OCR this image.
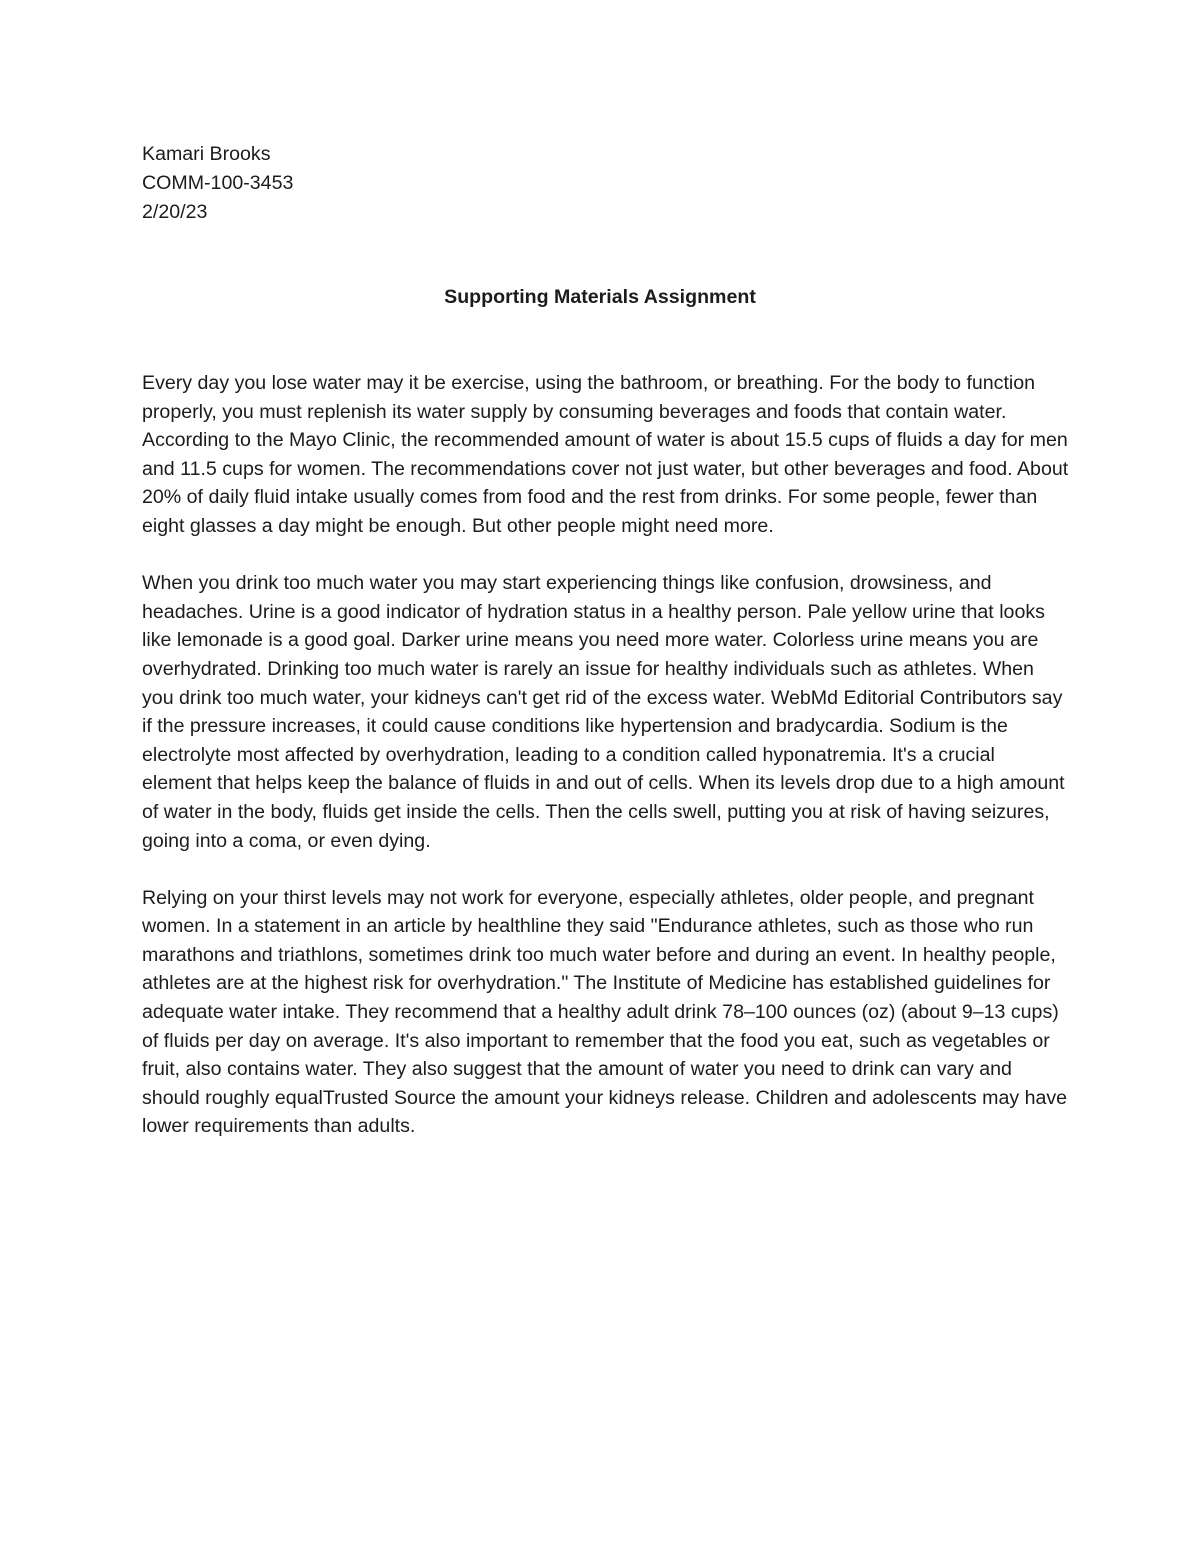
Kamari Brooks
COMM-100-3453
2/20/23
Supporting Materials Assignment

Every day you lose water may it be exercise, using the bathroom, or breathing. For the body to function properly, you must replenish its water supply by consuming beverages and foods that contain water. According to the Mayo Clinic, the recommended amount of water is about 15.5 cups of fluids a day for men and 11.5 cups for women. The recommendations cover not just water, but other beverages and food. About 20% of daily fluid intake usually comes from food and the rest from drinks. For some people, fewer than eight glasses a day might be enough. But other people might need more.

When you drink too much water you may start experiencing things like confusion, drowsiness, and headaches. Urine is a good indicator of hydration status in a healthy person. Pale yellow urine that looks like lemonade is a good goal. Darker urine means you need more water. Colorless urine means you are overhydrated. Drinking too much water is rarely an issue for healthy individuals such as athletes. When you drink too much water, your kidneys can't get rid of the excess water. WebMd Editorial Contributors say if the pressure increases, it could cause conditions like hypertension and bradycardia. Sodium is the electrolyte most affected by overhydration, leading to a condition called hyponatremia. It's a crucial element that helps keep the balance of fluids in and out of cells. When its levels drop due to a high amount of water in the body, fluids get inside the cells. Then the cells swell, putting you at risk of having seizures, going into a coma, or even dying.

Relying on your thirst levels may not work for everyone, especially athletes, older people, and pregnant women. In a statement in an article by healthline they said "Endurance athletes, such as those who run marathons and triathlons, sometimes drink too much water before and during an event. In healthy people, athletes are at the highest risk for overhydration." The Institute of Medicine has established guidelines for adequate water intake. They recommend that a healthy adult drink 78–100 ounces (oz) (about 9–13 cups) of fluids per day on average. It's also important to remember that the food you eat, such as vegetables or fruit, also contains water. They also suggest that the amount of water you need to drink can vary and should roughly equalTrusted Source the amount your kidneys release. Children and adolescents may have lower requirements than adults.
